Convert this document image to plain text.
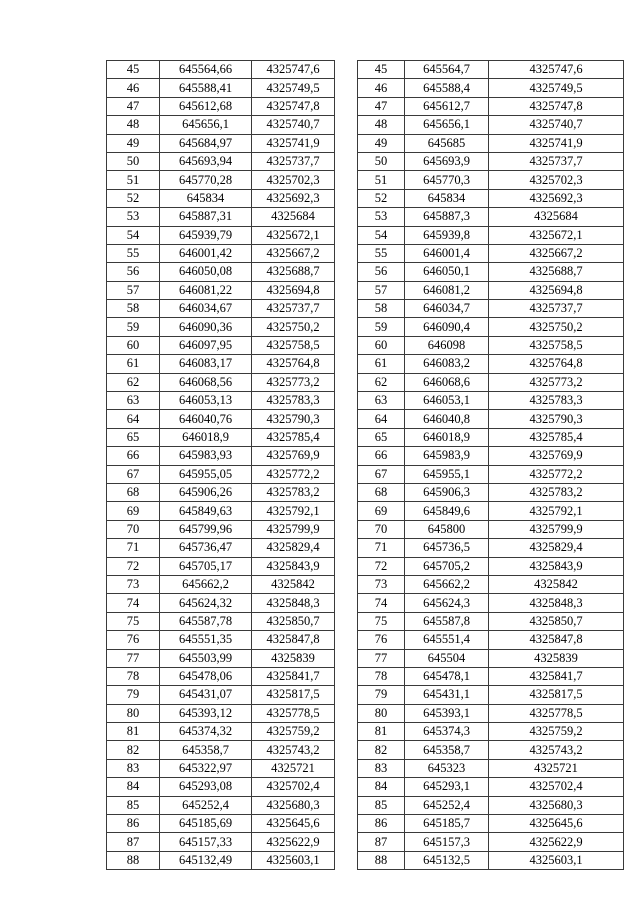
45	645564,66	4325747,6
46	645588,41	4325749,5
47	645612,68	4325747,8
48	645656,1	4325740,7
49	645684,97	4325741,9
50	645693,94	4325737,7
51	645770,28	4325702,3
52	645834	4325692,3
53	645887,31	4325684
54	645939,79	4325672,1
55	646001,42	4325667,2
56	646050,08	4325688,7
57	646081,22	4325694,8
58	646034,67	4325737,7
59	646090,36	4325750,2
60	646097,95	4325758,5
61	646083,17	4325764,8
62	646068,56	4325773,2
63	646053,13	4325783,3
64	646040,76	4325790,3
65	646018,9	4325785,4
66	645983,93	4325769,9
67	645955,05	4325772,2
68	645906,26	4325783,2
69	645849,63	4325792,1
70	645799,96	4325799,9
71	645736,47	4325829,4
72	645705,17	4325843,9
73	645662,2	4325842
74	645624,32	4325848,3
75	645587,78	4325850,7
76	645551,35	4325847,8
77	645503,99	4325839
78	645478,06	4325841,7
79	645431,07	4325817,5
80	645393,12	4325778,5
81	645374,32	4325759,2
82	645358,7	4325743,2
83	645322,97	4325721
84	645293,08	4325702,4
85	645252,4	4325680,3
86	645185,69	4325645,6
87	645157,33	4325622,9
88	645132,49	4325603,1
45	645564,7	4325747,6
46	645588,4	4325749,5
47	645612,7	4325747,8
48	645656,1	4325740,7
49	645685	4325741,9
50	645693,9	4325737,7
51	645770,3	4325702,3
52	645834	4325692,3
53	645887,3	4325684
54	645939,8	4325672,1
55	646001,4	4325667,2
56	646050,1	4325688,7
57	646081,2	4325694,8
58	646034,7	4325737,7
59	646090,4	4325750,2
60	646098	4325758,5
61	646083,2	4325764,8
62	646068,6	4325773,2
63	646053,1	4325783,3
64	646040,8	4325790,3
65	646018,9	4325785,4
66	645983,9	4325769,9
67	645955,1	4325772,2
68	645906,3	4325783,2
69	645849,6	4325792,1
70	645800	4325799,9
71	645736,5	4325829,4
72	645705,2	4325843,9
73	645662,2	4325842
74	645624,3	4325848,3
75	645587,8	4325850,7
76	645551,4	4325847,8
77	645504	4325839
78	645478,1	4325841,7
79	645431,1	4325817,5
80	645393,1	4325778,5
81	645374,3	4325759,2
82	645358,7	4325743,2
83	645323	4325721
84	645293,1	4325702,4
85	645252,4	4325680,3
86	645185,7	4325645,6
87	645157,3	4325622,9
88	645132,5	4325603,1
